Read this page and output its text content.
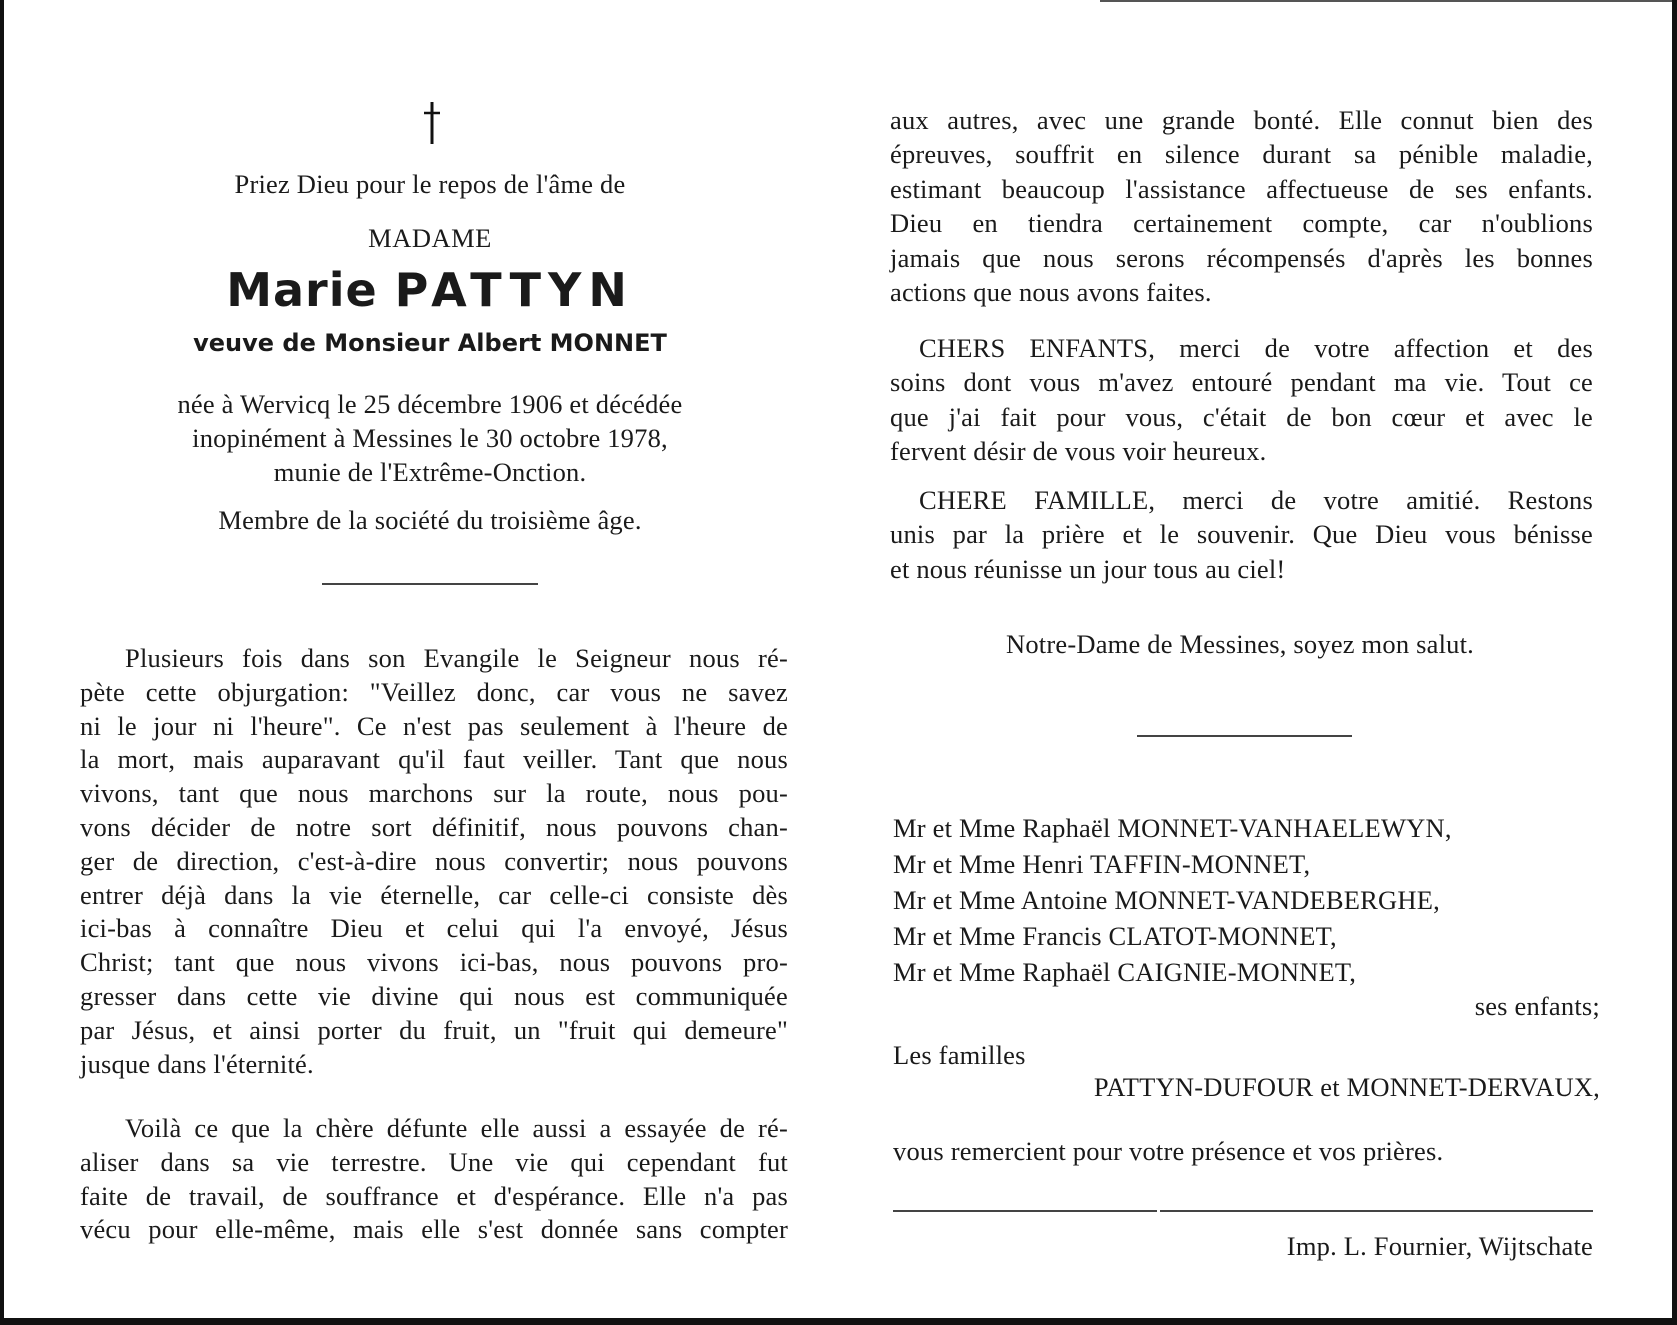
Priez Dieu pour le repos de l'âme de
MADAME
Marie PATTYN
veuve de Monsieur Albert MONNET
née à Wervicq le 25 décembre 1906 et décédée
inopinément à Messines le 30 octobre 1978,
munie de l'Extrême-Onction.
Membre de la société du troisième âge.
Plusieurs fois dans son Evangile le Seigneur nous ré-
pète cette objurgation: "Veillez donc, car vous ne savez
ni le jour ni l'heure". Ce n'est pas seulement à l'heure de
la mort, mais auparavant qu'il faut veiller. Tant que nous
vivons, tant que nous marchons sur la route, nous pou-
vons décider de notre sort définitif, nous pouvons chan-
ger de direction, c'est-à-dire nous convertir; nous pouvons
entrer déjà dans la vie éternelle, car celle-ci consiste dès
ici-bas à connaître Dieu et celui qui l'a envoyé, Jésus
Christ; tant que nous vivons ici-bas, nous pouvons pro-
gresser dans cette vie divine qui nous est communiquée
par Jésus, et ainsi porter du fruit, un "fruit qui demeure"
jusque dans l'éternité.
Voilà ce que la chère défunte elle aussi a essayée de ré-
aliser dans sa vie terrestre. Une vie qui cependant fut
faite de travail, de souffrance et d'espérance. Elle n'a pas
vécu pour elle-même, mais elle s'est donnée sans compter
aux autres, avec une grande bonté. Elle connut bien des
épreuves, souffrit en silence durant sa pénible maladie,
estimant beaucoup l'assistance affectueuse de ses enfants.
Dieu en tiendra certainement compte, car n'oublions
jamais que nous serons récompensés d'après les bonnes
actions que nous avons faites.
CHERS ENFANTS, merci de votre affection et des
soins dont vous m'avez entouré pendant ma vie. Tout ce
que j'ai fait pour vous, c'était de bon cœur et avec le
fervent désir de vous voir heureux.
CHERE FAMILLE, merci de votre amitié. Restons
unis par la prière et le souvenir. Que Dieu vous bénisse
et nous réunisse un jour tous au ciel!
Notre-Dame de Messines, soyez mon salut.
Mr et Mme Raphaël MONNET-VANHAELEWYN,
Mr et Mme Henri TAFFIN-MONNET,
Mr et Mme Antoine MONNET-VANDEBERGHE,
Mr et Mme Francis CLATOT-MONNET,
Mr et Mme Raphaël CAIGNIE-MONNET,
ses enfants;
Les familles
PATTYN-DUFOUR et MONNET-DERVAUX,
vous remercient pour votre présence et vos prières.
Imp. L. Fournier, Wijtschate
